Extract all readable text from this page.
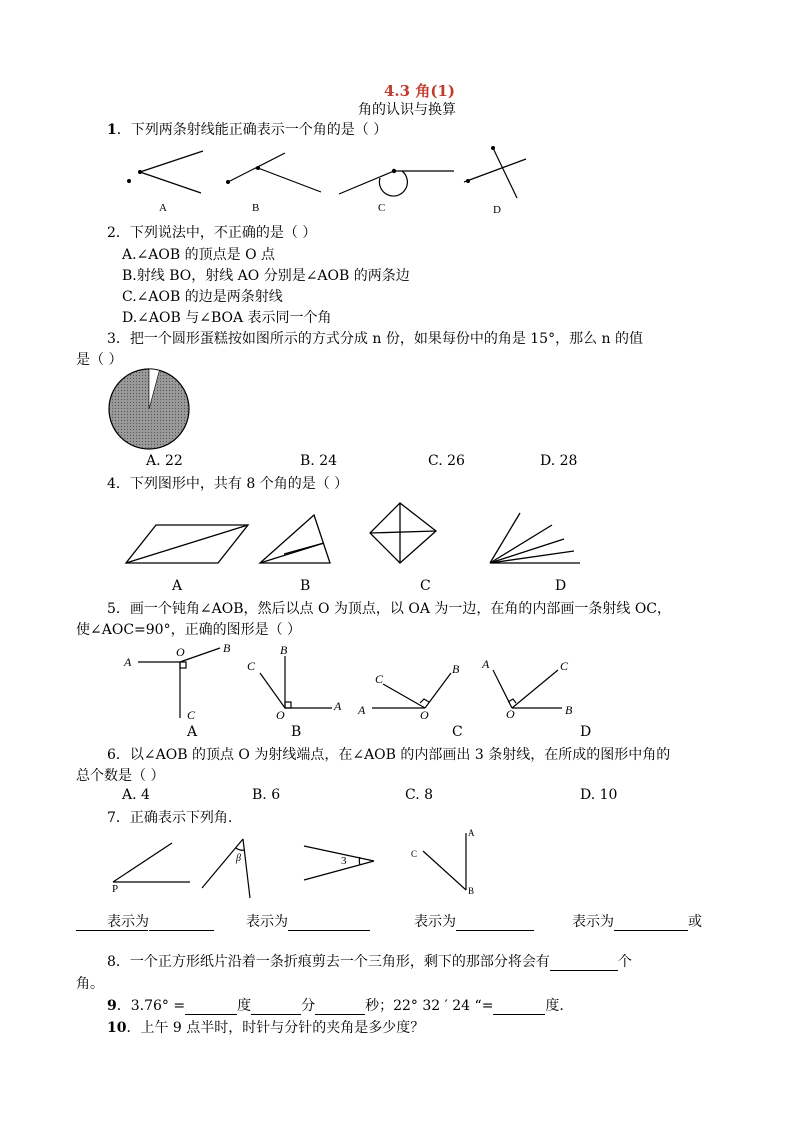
4.3 角(1)
角的认识与换算
1．下列两条射线能正确表示一个角的是（ ）
A	B	C	D
2．下列说法中，不正确的是（ ）
A.∠AOB 的顶点是 O 点
B.射线 BO，射线 AO 分别是∠AOB 的两条边
C.∠AOB 的边是两条射线
D.∠AOB 与∠BOA 表示同一个角
3．把一个圆形蛋糕按如图所示的方式分成 n 份，如果每份中的角是 15°，那么 n 的值
是（ ）
A. 22	B. 24	C. 26	D. 28
4．下列图形中，共有 8 个角的是（ ）
A	B	C	D
5．画一个钝角∠AOB，然后以点 O 为顶点，以 OA 为一边，在角的内部画一条射线 OC，
使∠AOC=90°，正确的图形是（ ）
A
O	B
C
C
B
O
A
C
B
A	O
A	C
O	B
A	B	C	D
6．以∠AOB 的顶点 O 为射线端点，在∠AOB 的内部画出 3 条射线，在所成的图形中角的
总个数是（ ）
A. 4	B. 6	C. 8	D. 10
7．正确表示下列角.
P
β	3
A
C
B
表示为	表示为	表示为	表示为	或
8．一个正方形纸片沿着一条折痕剪去一个三角形，剩下的那部分将会有	个
角。
9．3.76° =	度	分	秒；22° 32 ′ 24 “=	度.
10．上午 9 点半时，时针与分针的夹角是多少度？
